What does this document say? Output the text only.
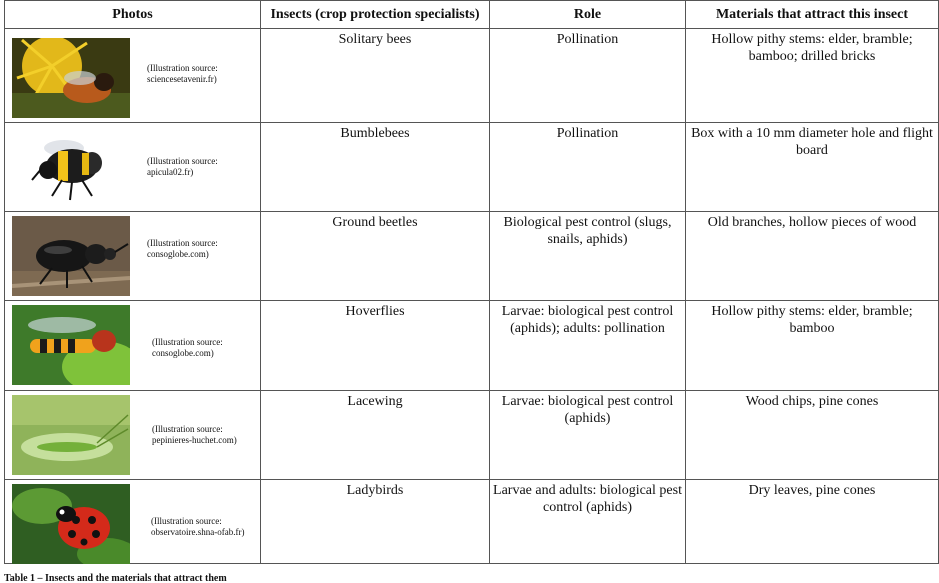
Photos	Insects (crop protection specialists)	Role	Materials that attract this insect

(Illustration source: sciencesetavenir.fr)	Solitary bees	Pollination	Hollow pithy stems: elder, bramble; bamboo; drilled bricks

(Illustration source: apicula02.fr)	Bumblebees	Pollination	Box with a 10 mm diameter hole and flight board

(Illustration source: consoglobe.com)	Ground beetles	Biological pest control (slugs, snails, aphids)	Old branches, hollow pieces of wood

(Illustration source: consoglobe.com)	Hoverflies	Larvae: biological pest control (aphids); adults: pollination	Hollow pithy stems: elder, bramble; bamboo

(Illustration source: pepinieres-huchet.com)	Lacewing	Larvae: biological pest control (aphids)	Wood chips, pine cones

(Illustration source: observatoire.shna-ofab.fr)	Ladybirds	Larvae and adults: biological pest control (aphids)	Dry leaves, pine cones
Table 1 – Insects and the materials that attract them
